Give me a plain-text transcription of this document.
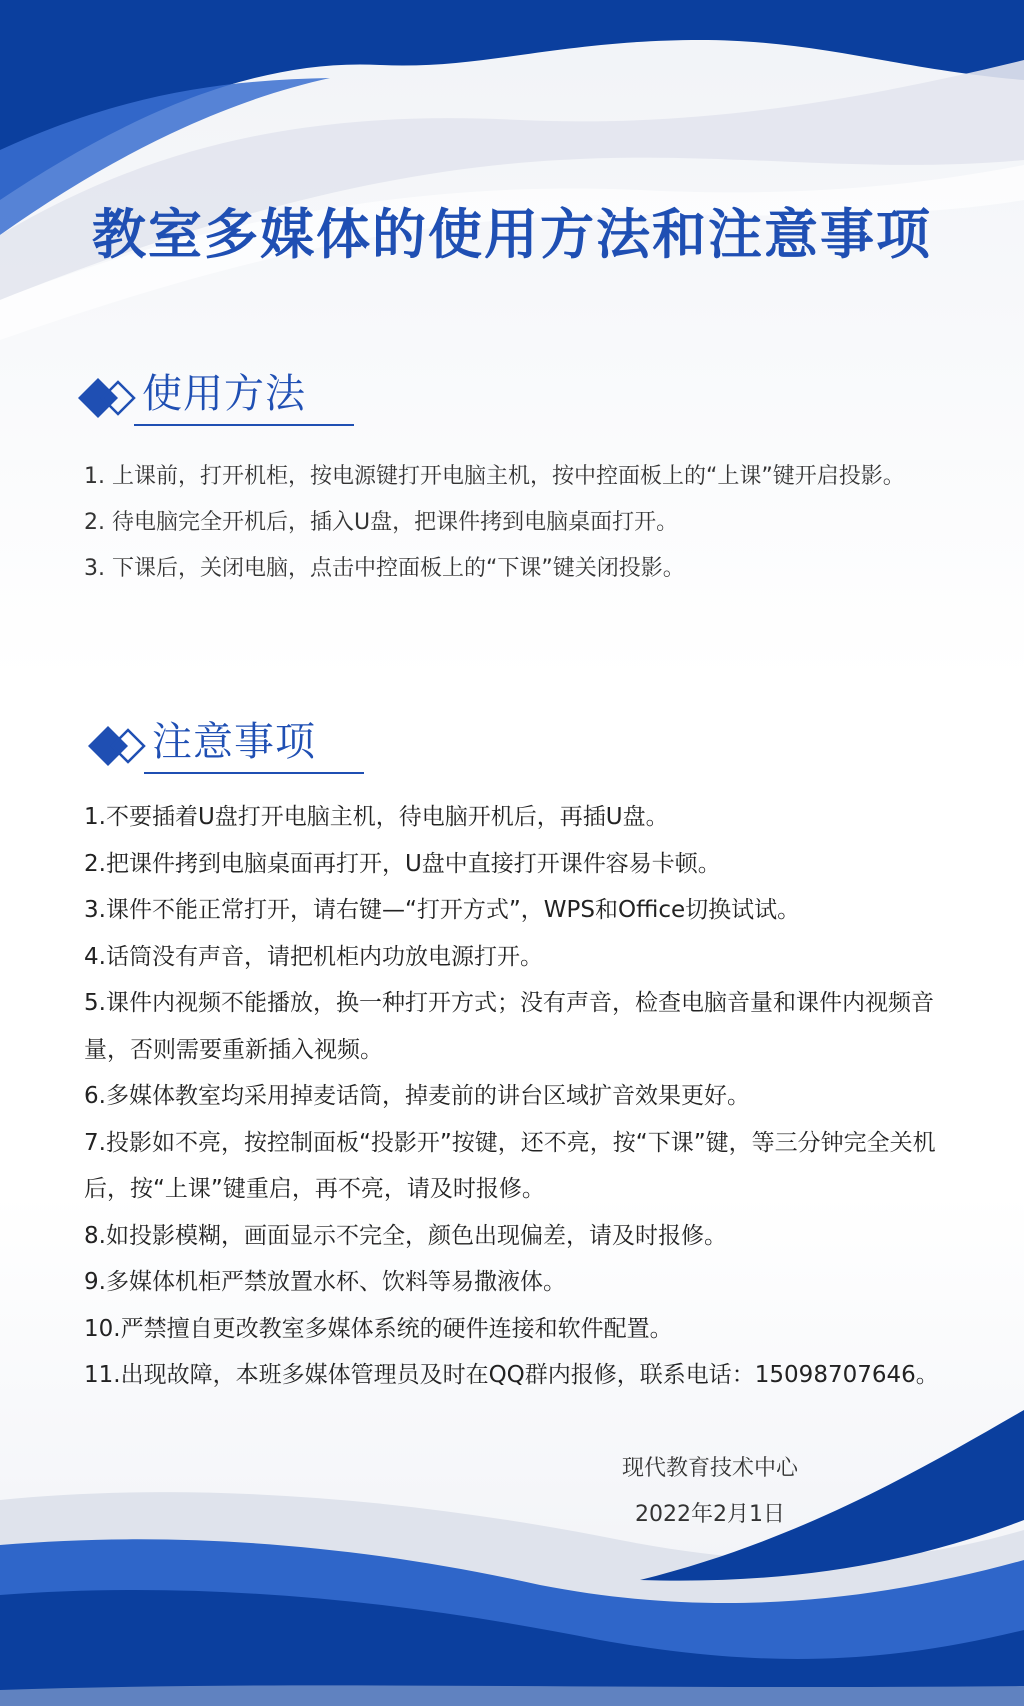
教室多媒体的使用方法和注意事项
使用方法

1. 上课前，打开机柜，按电源键打开电脑主机，按中控面板上的“上课”键开启投影。

2. 待电脑完全开机后，插入U盘，把课件拷到电脑桌面打开。

3. 下课后，关闭电脑，点击中控面板上的“下课”键关闭投影。

注意事项

1.不要插着U盘打开电脑主机，待电脑开机后，再插U盘。

2.把课件拷到电脑桌面再打开，U盘中直接打开课件容易卡顿。

3.课件不能正常打开，请右键—“打开方式”，WPS和Office切换试试。

4.话筒没有声音，请把机柜内功放电源打开。

5.课件内视频不能播放，换一种打开方式；没有声音，检查电脑音量和课件内视频音量，否则需要重新插入视频。

6.多媒体教室均采用掉麦话筒，掉麦前的讲台区域扩音效果更好。

7.投影如不亮，按控制面板“投影开”按键，还不亮，按“下课”键，等三分钟完全关机后，按“上课”键重启，再不亮，请及时报修。

8.如投影模糊，画面显示不完全，颜色出现偏差，请及时报修。

9.多媒体机柜严禁放置水杯、饮料等易撒液体。

10.严禁擅自更改教室多媒体系统的硬件连接和软件配置。

11.出现故障，本班多媒体管理员及时在QQ群内报修，联系电话：15098707646。

现代教育技术中心

2022年2月1日
